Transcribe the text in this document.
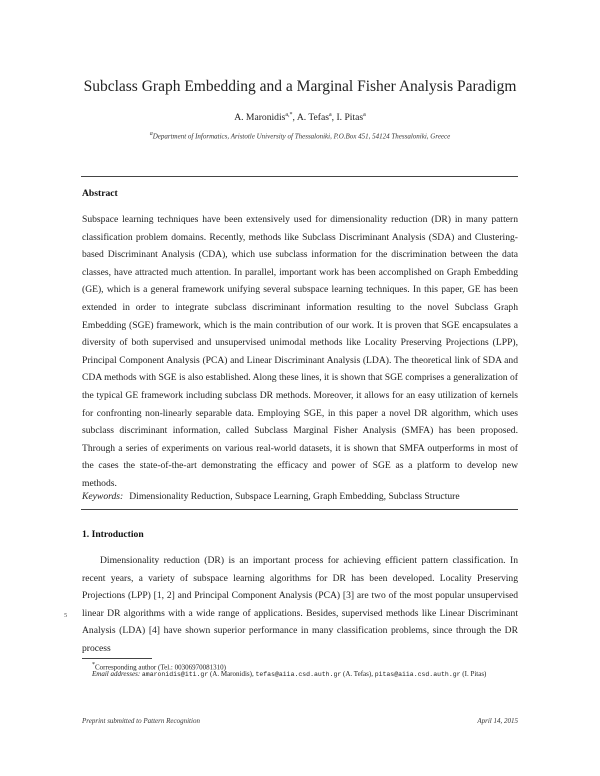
Subclass Graph Embedding and a Marginal Fisher Analysis Paradigm
A. Maronidis$^{a,*}$, A. Tefas$^a$, I. Pitas$^a$
$^a$Department of Informatics, Aristotle University of Thessaloniki, P.O.Box 451, 54124 Thessaloniki, Greece
Abstract

Subspace learning techniques have been extensively used for dimensionality reduction (DR) in many pattern classification problem domains. Recently, methods like Subclass Discriminant Analysis (SDA) and Clustering-based Discriminant Analysis (CDA), which use subclass information for the discrimination between the data classes, have attracted much attention. In parallel, important work has been accomplished on Graph Embedding (GE), which is a general framework unifying several subspace learning techniques. In this paper, GE has been extended in order to integrate subclass discriminant information resulting to the novel Subclass Graph Embedding (SGE) framework, which is the main contribution of our work. It is proven that SGE encapsulates a diversity of both supervised and unsupervised unimodal methods like Locality Preserving Projections (LPP), Principal Component Analysis (PCA) and Linear Discriminant Analysis (LDA). The theoretical link of SDA and CDA methods with SGE is also established. Along these lines, it is shown that SGE comprises a generalization of the typical GE framework including subclass DR methods. Moreover, it allows for an easy utilization of kernels for confronting non-linearly separable data. Employing SGE, in this paper a novel DR algorithm, which uses subclass discriminant information, called Subclass Marginal Fisher Analysis (SMFA) has been proposed. Through a series of experiments on various real-world datasets, it is shown that SMFA outperforms in most of the cases the state-of-the-art demonstrating the efficacy and power of SGE as a platform to develop new methods.

Keywords: Dimensionality Reduction, Subspace Learning, Graph Embedding, Subclass Structure
1. Introduction

Dimensionality reduction (DR) is an important process for achieving efficient pattern classification. In recent years, a variety of subspace learning algorithms for DR has been developed. Locality Preserving Projections (LPP) [1, 2] and Principal Component Analysis (PCA) [3] are two of the most popular unsupervised linear DR algorithms with a wide range of applications. Besides, supervised methods like Linear Discriminant Analysis (LDA) [4] have shown superior performance in many classification problems, since through the DR process

5
*Corresponding author (Tel.: 00306970081310)
Email addresses: amaronidis@iti.gr (A. Maronidis), tefas@aiia.csd.auth.gr (A. Tefas), pitas@aiia.csd.auth.gr (I. Pitas)
Preprint submitted to Pattern Recognition	April 14, 2015
